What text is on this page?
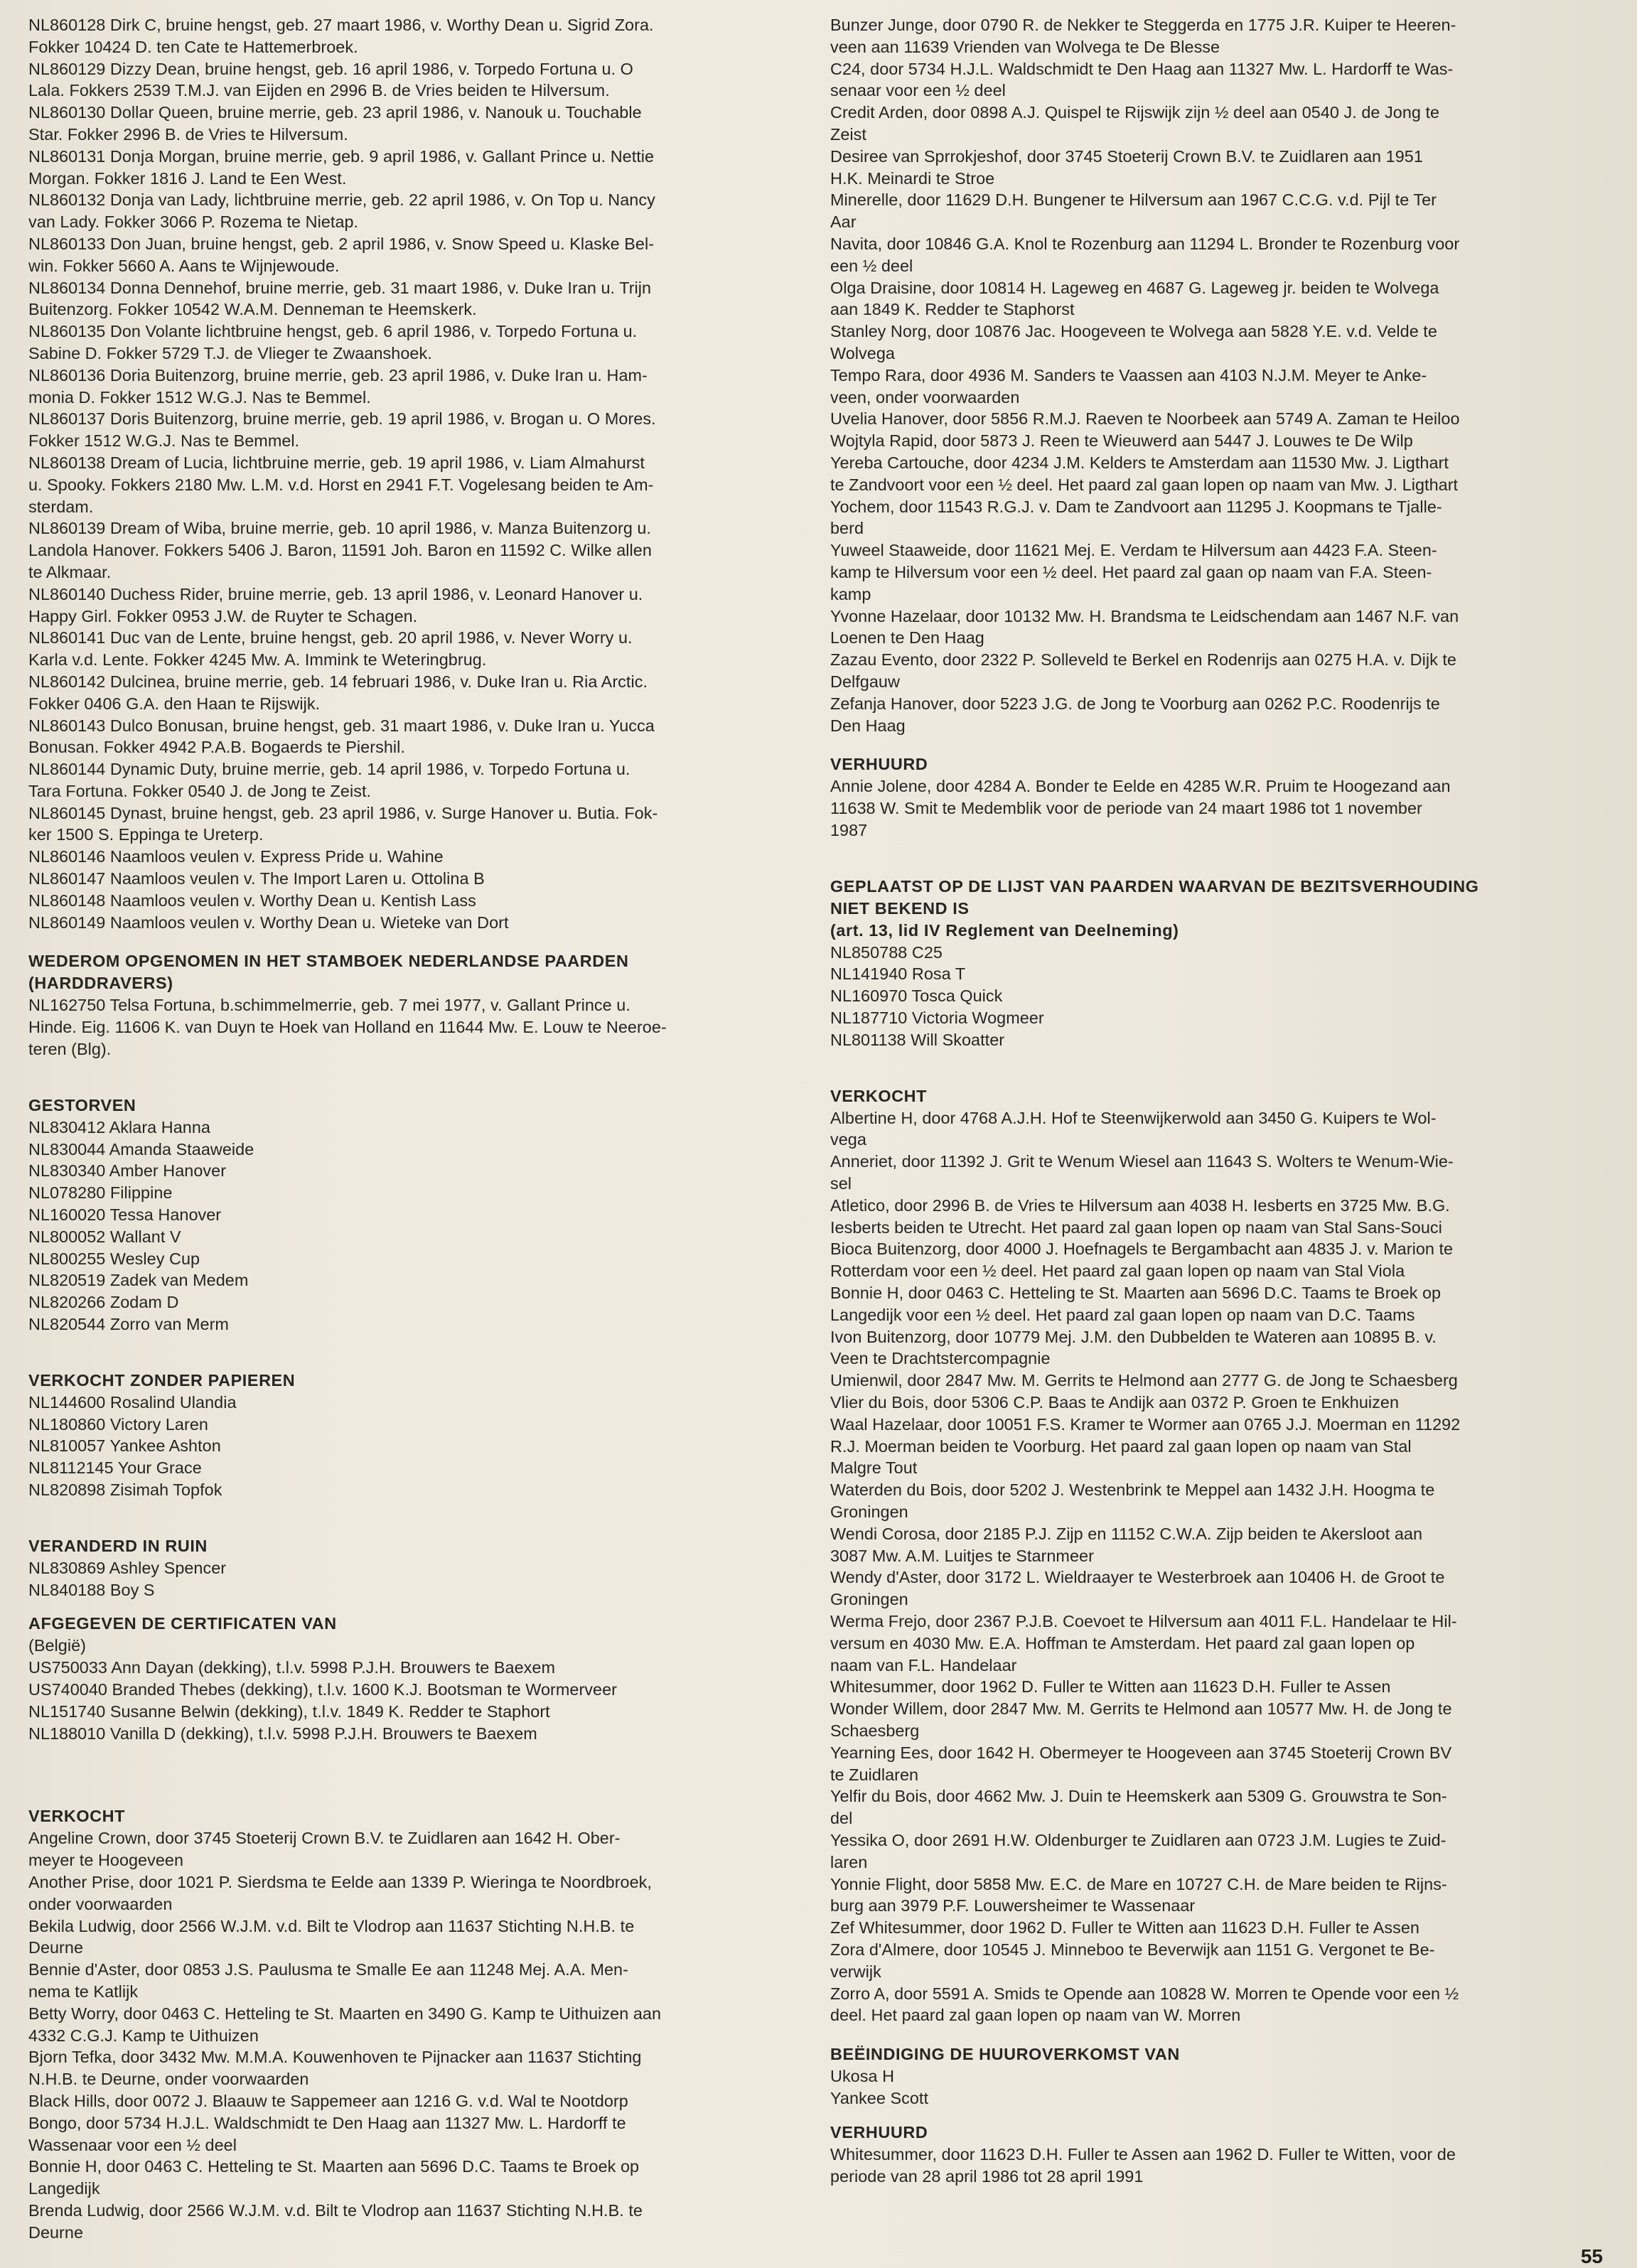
NL860128 Dirk C, bruine hengst, geb. 27 maart 1986, v. Worthy Dean u. Sigrid Zora.
Fokker 10424 D. ten Cate te Hattemerbroek.
NL860129 Dizzy Dean, bruine hengst, geb. 16 april 1986, v. Torpedo Fortuna u. O
Lala. Fokkers 2539 T.M.J. van Eijden en 2996 B. de Vries beiden te Hilversum.
NL860130 Dollar Queen, bruine merrie, geb. 23 april 1986, v. Nanouk u. Touchable
Star. Fokker 2996 B. de Vries te Hilversum.
NL860131 Donja Morgan, bruine merrie, geb. 9 april 1986, v. Gallant Prince u. Nettie
Morgan. Fokker 1816 J. Land te Een West.
NL860132 Donja van Lady, lichtbruine merrie, geb. 22 april 1986, v. On Top u. Nancy
van Lady. Fokker 3066 P. Rozema te Nietap.
NL860133 Don Juan, bruine hengst, geb. 2 april 1986, v. Snow Speed u. Klaske Bel-
win. Fokker 5660 A. Aans te Wijnjewoude.
NL860134 Donna Dennehof, bruine merrie, geb. 31 maart 1986, v. Duke Iran u. Trijn
Buitenzorg. Fokker 10542 W.A.M. Denneman te Heemskerk.
NL860135 Don Volante lichtbruine hengst, geb. 6 april 1986, v. Torpedo Fortuna u.
Sabine D. Fokker 5729 T.J. de Vlieger te Zwaanshoek.
NL860136 Doria Buitenzorg, bruine merrie, geb. 23 april 1986, v. Duke Iran u. Ham-
monia D. Fokker 1512 W.G.J. Nas te Bemmel.
NL860137 Doris Buitenzorg, bruine merrie, geb. 19 april 1986, v. Brogan u. O Mores.
Fokker 1512 W.G.J. Nas te Bemmel.
NL860138 Dream of Lucia, lichtbruine merrie, geb. 19 april 1986, v. Liam Almahurst
u. Spooky. Fokkers 2180 Mw. L.M. v.d. Horst en 2941 F.T. Vogelesang beiden te Am-
sterdam.
NL860139 Dream of Wiba, bruine merrie, geb. 10 april 1986, v. Manza Buitenzorg u.
Landola Hanover. Fokkers 5406 J. Baron, 11591 Joh. Baron en 11592 C. Wilke allen
te Alkmaar.
NL860140 Duchess Rider, bruine merrie, geb. 13 april 1986, v. Leonard Hanover u.
Happy Girl. Fokker 0953 J.W. de Ruyter te Schagen.
NL860141 Duc van de Lente, bruine hengst, geb. 20 april 1986, v. Never Worry u.
Karla v.d. Lente. Fokker 4245 Mw. A. Immink te Weteringbrug.
NL860142 Dulcinea, bruine merrie, geb. 14 februari 1986, v. Duke Iran u. Ria Arctic.
Fokker 0406 G.A. den Haan te Rijswijk.
NL860143 Dulco Bonusan, bruine hengst, geb. 31 maart 1986, v. Duke Iran u. Yucca
Bonusan. Fokker 4942 P.A.B. Bogaerds te Piershil.
NL860144 Dynamic Duty, bruine merrie, geb. 14 april 1986, v. Torpedo Fortuna u.
Tara Fortuna. Fokker 0540 J. de Jong te Zeist.
NL860145 Dynast, bruine hengst, geb. 23 april 1986, v. Surge Hanover u. Butia. Fok-
ker 1500 S. Eppinga te Ureterp.
NL860146 Naamloos veulen v. Express Pride u. Wahine
NL860147 Naamloos veulen v. The Import Laren u. Ottolina B
NL860148 Naamloos veulen v. Worthy Dean u. Kentish Lass
NL860149 Naamloos veulen v. Worthy Dean u. Wieteke van Dort
WEDEROM OPGENOMEN IN HET STAMBOEK NEDERLANDSE PAARDEN
(HARDDRAVERS)
NL162750 Telsa Fortuna, b.schimmelmerrie, geb. 7 mei 1977, v. Gallant Prince u.
Hinde. Eig. 11606 K. van Duyn te Hoek van Holland en 11644 Mw. E. Louw te Neeroe-
teren (Blg).
GESTORVEN
NL830412 Aklara Hanna
NL830044 Amanda Staaweide
NL830340 Amber Hanover
NL078280 Filippine
NL160020 Tessa Hanover
NL800052 Wallant V
NL800255 Wesley Cup
NL820519 Zadek van Medem
NL820266 Zodam D
NL820544 Zorro van Merm
VERKOCHT ZONDER PAPIEREN
NL144600 Rosalind Ulandia
NL180860 Victory Laren
NL810057 Yankee Ashton
NL8112145 Your Grace
NL820898 Zisimah Topfok
VERANDERD IN RUIN
NL830869 Ashley Spencer
NL840188 Boy S
AFGEGEVEN DE CERTIFICATEN VAN
(België)
US750033 Ann Dayan (dekking), t.l.v. 5998 P.J.H. Brouwers te Baexem
US740040 Branded Thebes (dekking), t.l.v. 1600 K.J. Bootsman te Wormerveer
NL151740 Susanne Belwin (dekking), t.l.v. 1849 K. Redder te Staphort
NL188010 Vanilla D (dekking), t.l.v. 5998 P.J.H. Brouwers te Baexem
VERKOCHT
Angeline Crown, door 3745 Stoeterij Crown B.V. te Zuidlaren aan 1642 H. Ober-
meyer te Hoogeveen
Another Prise, door 1021 P. Sierdsma te Eelde aan 1339 P. Wieringa te Noordbroek,
onder voorwaarden
Bekila Ludwig, door 2566 W.J.M. v.d. Bilt te Vlodrop aan 11637 Stichting N.H.B. te
Deurne
Bennie d'Aster, door 0853 J.S. Paulusma te Smalle Ee aan 11248 Mej. A.A. Men-
nema te Katlijk
Betty Worry, door 0463 C. Hetteling te St. Maarten en 3490 G. Kamp te Uithuizen aan
4332 C.G.J. Kamp te Uithuizen
Bjorn Tefka, door 3432 Mw. M.M.A. Kouwenhoven te Pijnacker aan 11637 Stichting
N.H.B. te Deurne, onder voorwaarden
Black Hills, door 0072 J. Blaauw te Sappemeer aan 1216 G. v.d. Wal te Nootdorp
Bongo, door 5734 H.J.L. Waldschmidt te Den Haag aan 11327 Mw. L. Hardorff te
Wassenaar voor een ½ deel
Bonnie H, door 0463 C. Hetteling te St. Maarten aan 5696 D.C. Taams te Broek op
Langedijk
Brenda Ludwig, door 2566 W.J.M. v.d. Bilt te Vlodrop aan 11637 Stichting N.H.B. te
Deurne
Bunzer Junge, door 0790 R. de Nekker te Steggerda en 1775 J.R. Kuiper te Heeren-
veen aan 11639 Vrienden van Wolvega te De Blesse
C24, door 5734 H.J.L. Waldschmidt te Den Haag aan 11327 Mw. L. Hardorff te Was-
senaar voor een ½ deel
Credit Arden, door 0898 A.J. Quispel te Rijswijk zijn ½ deel aan 0540 J. de Jong te
Zeist
Desiree van Sprrokjeshof, door 3745 Stoeterij Crown B.V. te Zuidlaren aan 1951
H.K. Meinardi te Stroe
Minerelle, door 11629 D.H. Bungener te Hilversum aan 1967 C.C.G. v.d. Pijl te Ter
Aar
Navita, door 10846 G.A. Knol te Rozenburg aan 11294 L. Bronder te Rozenburg voor
een ½ deel
Olga Draisine, door 10814 H. Lageweg en 4687 G. Lageweg jr. beiden te Wolvega
aan 1849 K. Redder te Staphorst
Stanley Norg, door 10876 Jac. Hoogeveen te Wolvega aan 5828 Y.E. v.d. Velde te
Wolvega
Tempo Rara, door 4936 M. Sanders te Vaassen aan 4103 N.J.M. Meyer te Anke-
veen, onder voorwaarden
Uvelia Hanover, door 5856 R.M.J. Raeven te Noorbeek aan 5749 A. Zaman te Heiloo
Wojtyla Rapid, door 5873 J. Reen te Wieuwerd aan 5447 J. Louwes te De Wilp
Yereba Cartouche, door 4234 J.M. Kelders te Amsterdam aan 11530 Mw. J. Ligthart
te Zandvoort voor een ½ deel. Het paard zal gaan lopen op naam van Mw. J. Ligthart
Yochem, door 11543 R.G.J. v. Dam te Zandvoort aan 11295 J. Koopmans te Tjalle-
berd
Yuweel Staaweide, door 11621 Mej. E. Verdam te Hilversum aan 4423 F.A. Steen-
kamp te Hilversum voor een ½ deel. Het paard zal gaan op naam van F.A. Steen-
kamp
Yvonne Hazelaar, door 10132 Mw. H. Brandsma te Leidschendam aan 1467 N.F. van
Loenen te Den Haag
Zazau Evento, door 2322 P. Solleveld te Berkel en Rodenrijs aan 0275 H.A. v. Dijk te
Delfgauw
Zefanja Hanover, door 5223 J.G. de Jong te Voorburg aan 0262 P.C. Roodenrijs te
Den Haag
VERHUURD
Annie Jolene, door 4284 A. Bonder te Eelde en 4285 W.R. Pruim te Hoogezand aan
11638 W. Smit te Medemblik voor de periode van 24 maart 1986 tot 1 november
1987
GEPLAATST OP DE LIJST VAN PAARDEN WAARVAN DE BEZITSVERHOUDING
NIET BEKEND IS
(art. 13, lid IV Reglement van Deelneming)
NL850788 C25
NL141940 Rosa T
NL160970 Tosca Quick
NL187710 Victoria Wogmeer
NL801138 Will Skoatter
VERKOCHT
Albertine H, door 4768 A.J.H. Hof te Steenwijkerwold aan 3450 G. Kuipers te Wol-
vega
Anneriet, door 11392 J. Grit te Wenum Wiesel aan 11643 S. Wolters te Wenum-Wie-
sel
Atletico, door 2996 B. de Vries te Hilversum aan 4038 H. Iesberts en 3725 Mw. B.G.
Iesberts beiden te Utrecht. Het paard zal gaan lopen op naam van Stal Sans-Souci
Bioca Buitenzorg, door 4000 J. Hoefnagels te Bergambacht aan 4835 J. v. Marion te
Rotterdam voor een ½ deel. Het paard zal gaan lopen op naam van Stal Viola
Bonnie H, door 0463 C. Hetteling te St. Maarten aan 5696 D.C. Taams te Broek op
Langedijk voor een ½ deel. Het paard zal gaan lopen op naam van D.C. Taams
Ivon Buitenzorg, door 10779 Mej. J.M. den Dubbelden te Wateren aan 10895 B. v.
Veen te Drachtstercompagnie
Umienwil, door 2847 Mw. M. Gerrits te Helmond aan 2777 G. de Jong te Schaesberg
Vlier du Bois, door 5306 C.P. Baas te Andijk aan 0372 P. Groen te Enkhuizen
Waal Hazelaar, door 10051 F.S. Kramer te Wormer aan 0765 J.J. Moerman en 11292
R.J. Moerman beiden te Voorburg. Het paard zal gaan lopen op naam van Stal
Malgre Tout
Waterden du Bois, door 5202 J. Westenbrink te Meppel aan 1432 J.H. Hoogma te
Groningen
Wendi Corosa, door 2185 P.J. Zijp en 11152 C.W.A. Zijp beiden te Akersloot aan
3087 Mw. A.M. Luitjes te Starnmeer
Wendy d'Aster, door 3172 L. Wieldraayer te Westerbroek aan 10406 H. de Groot te
Groningen
Werma Frejo, door 2367 P.J.B. Coevoet te Hilversum aan 4011 F.L. Handelaar te Hil-
versum en 4030 Mw. E.A. Hoffman te Amsterdam. Het paard zal gaan lopen op
naam van F.L. Handelaar
Whitesummer, door 1962 D. Fuller te Witten aan 11623 D.H. Fuller te Assen
Wonder Willem, door 2847 Mw. M. Gerrits te Helmond aan 10577 Mw. H. de Jong te
Schaesberg
Yearning Ees, door 1642 H. Obermeyer te Hoogeveen aan 3745 Stoeterij Crown BV
te Zuidlaren
Yelfir du Bois, door 4662 Mw. J. Duin te Heemskerk aan 5309 G. Grouwstra te Son-
del
Yessika O, door 2691 H.W. Oldenburger te Zuidlaren aan 0723 J.M. Lugies te Zuid-
laren
Yonnie Flight, door 5858 Mw. E.C. de Mare en 10727 C.H. de Mare beiden te Rijns-
burg aan 3979 P.F. Louwersheimer te Wassenaar
Zef Whitesummer, door 1962 D. Fuller te Witten aan 11623 D.H. Fuller te Assen
Zora d'Almere, door 10545 J. Minneboo te Beverwijk aan 1151 G. Vergonet te Be-
verwijk
Zorro A, door 5591 A. Smids te Opende aan 10828 W. Morren te Opende voor een ½
deel. Het paard zal gaan lopen op naam van W. Morren
BEËINDIGING DE HUUROVERKOMST VAN
Ukosa H
Yankee Scott
VERHUURD
Whitesummer, door 11623 D.H. Fuller te Assen aan 1962 D. Fuller te Witten, voor de
periode van 28 april 1986 tot 28 april 1991
55
